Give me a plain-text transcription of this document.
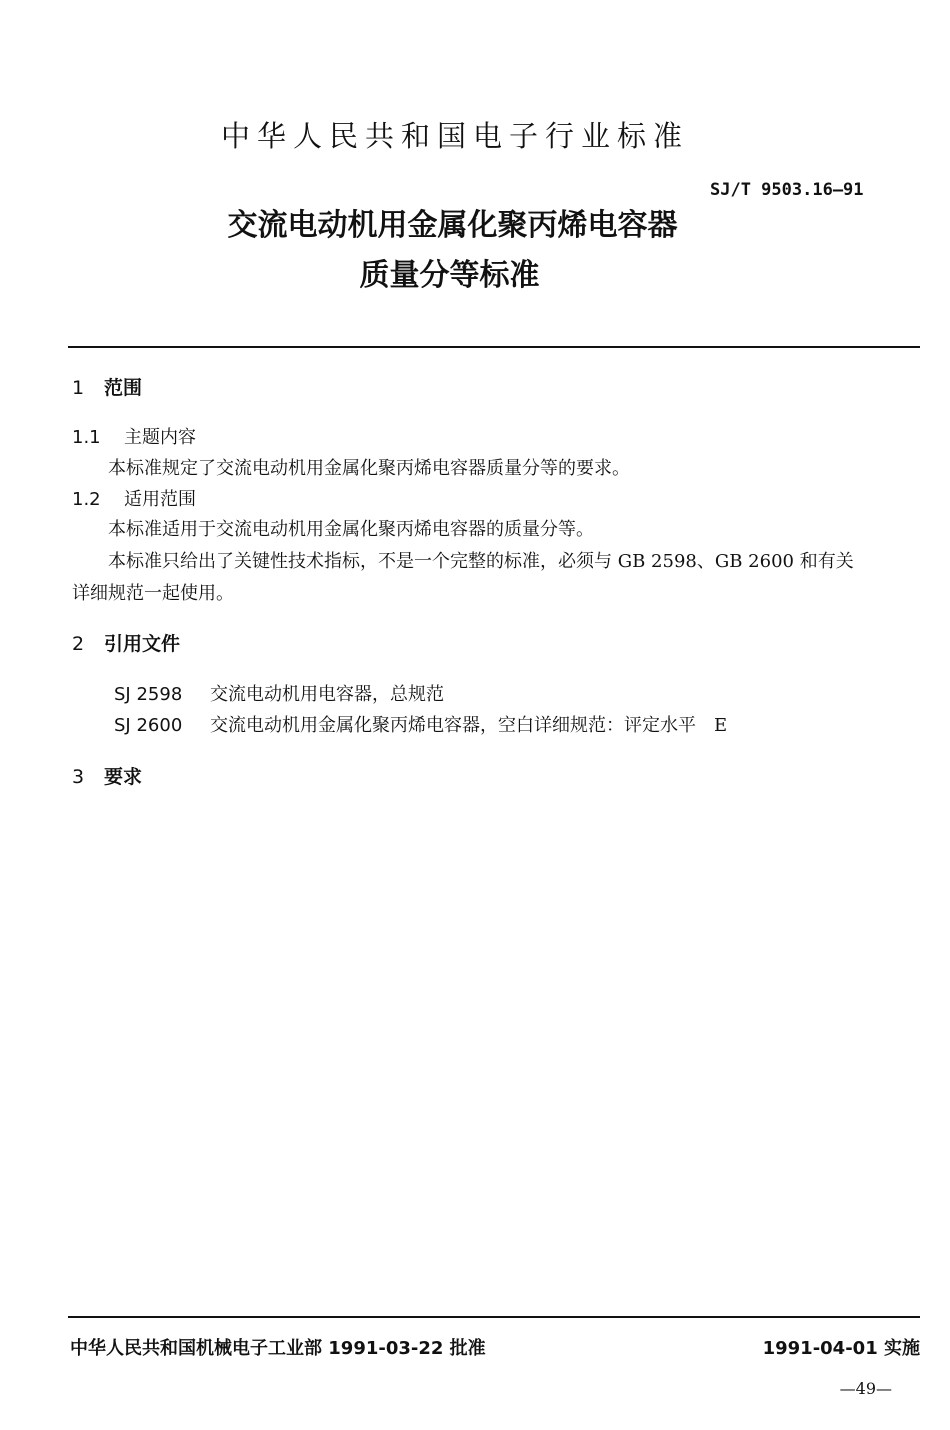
中华人民共和国电子行业标准
SJ/T 9503.16—91
交流电动机用金属化聚丙烯电容器
质量分等标准
1 范围
1.1 主题内容
本标准规定了交流电动机用金属化聚丙烯电容器质量分等的要求。
1.2 适用范围
本标准适用于交流电动机用金属化聚丙烯电容器的质量分等。
本标准只给出了关键性技术指标，不是一个完整的标准，必须与 GB 2598、GB 2600 和有关
详细规范一起使用。
2 引用文件
SJ 2598 交流电动机用电容器，总规范
SJ 2600 交流电动机用金属化聚丙烯电容器，空白详细规范：评定水平　E
3 要求
中华人民共和国机械电子工业部 1991-03-22 批准	1991-04-01 实施
—49—
